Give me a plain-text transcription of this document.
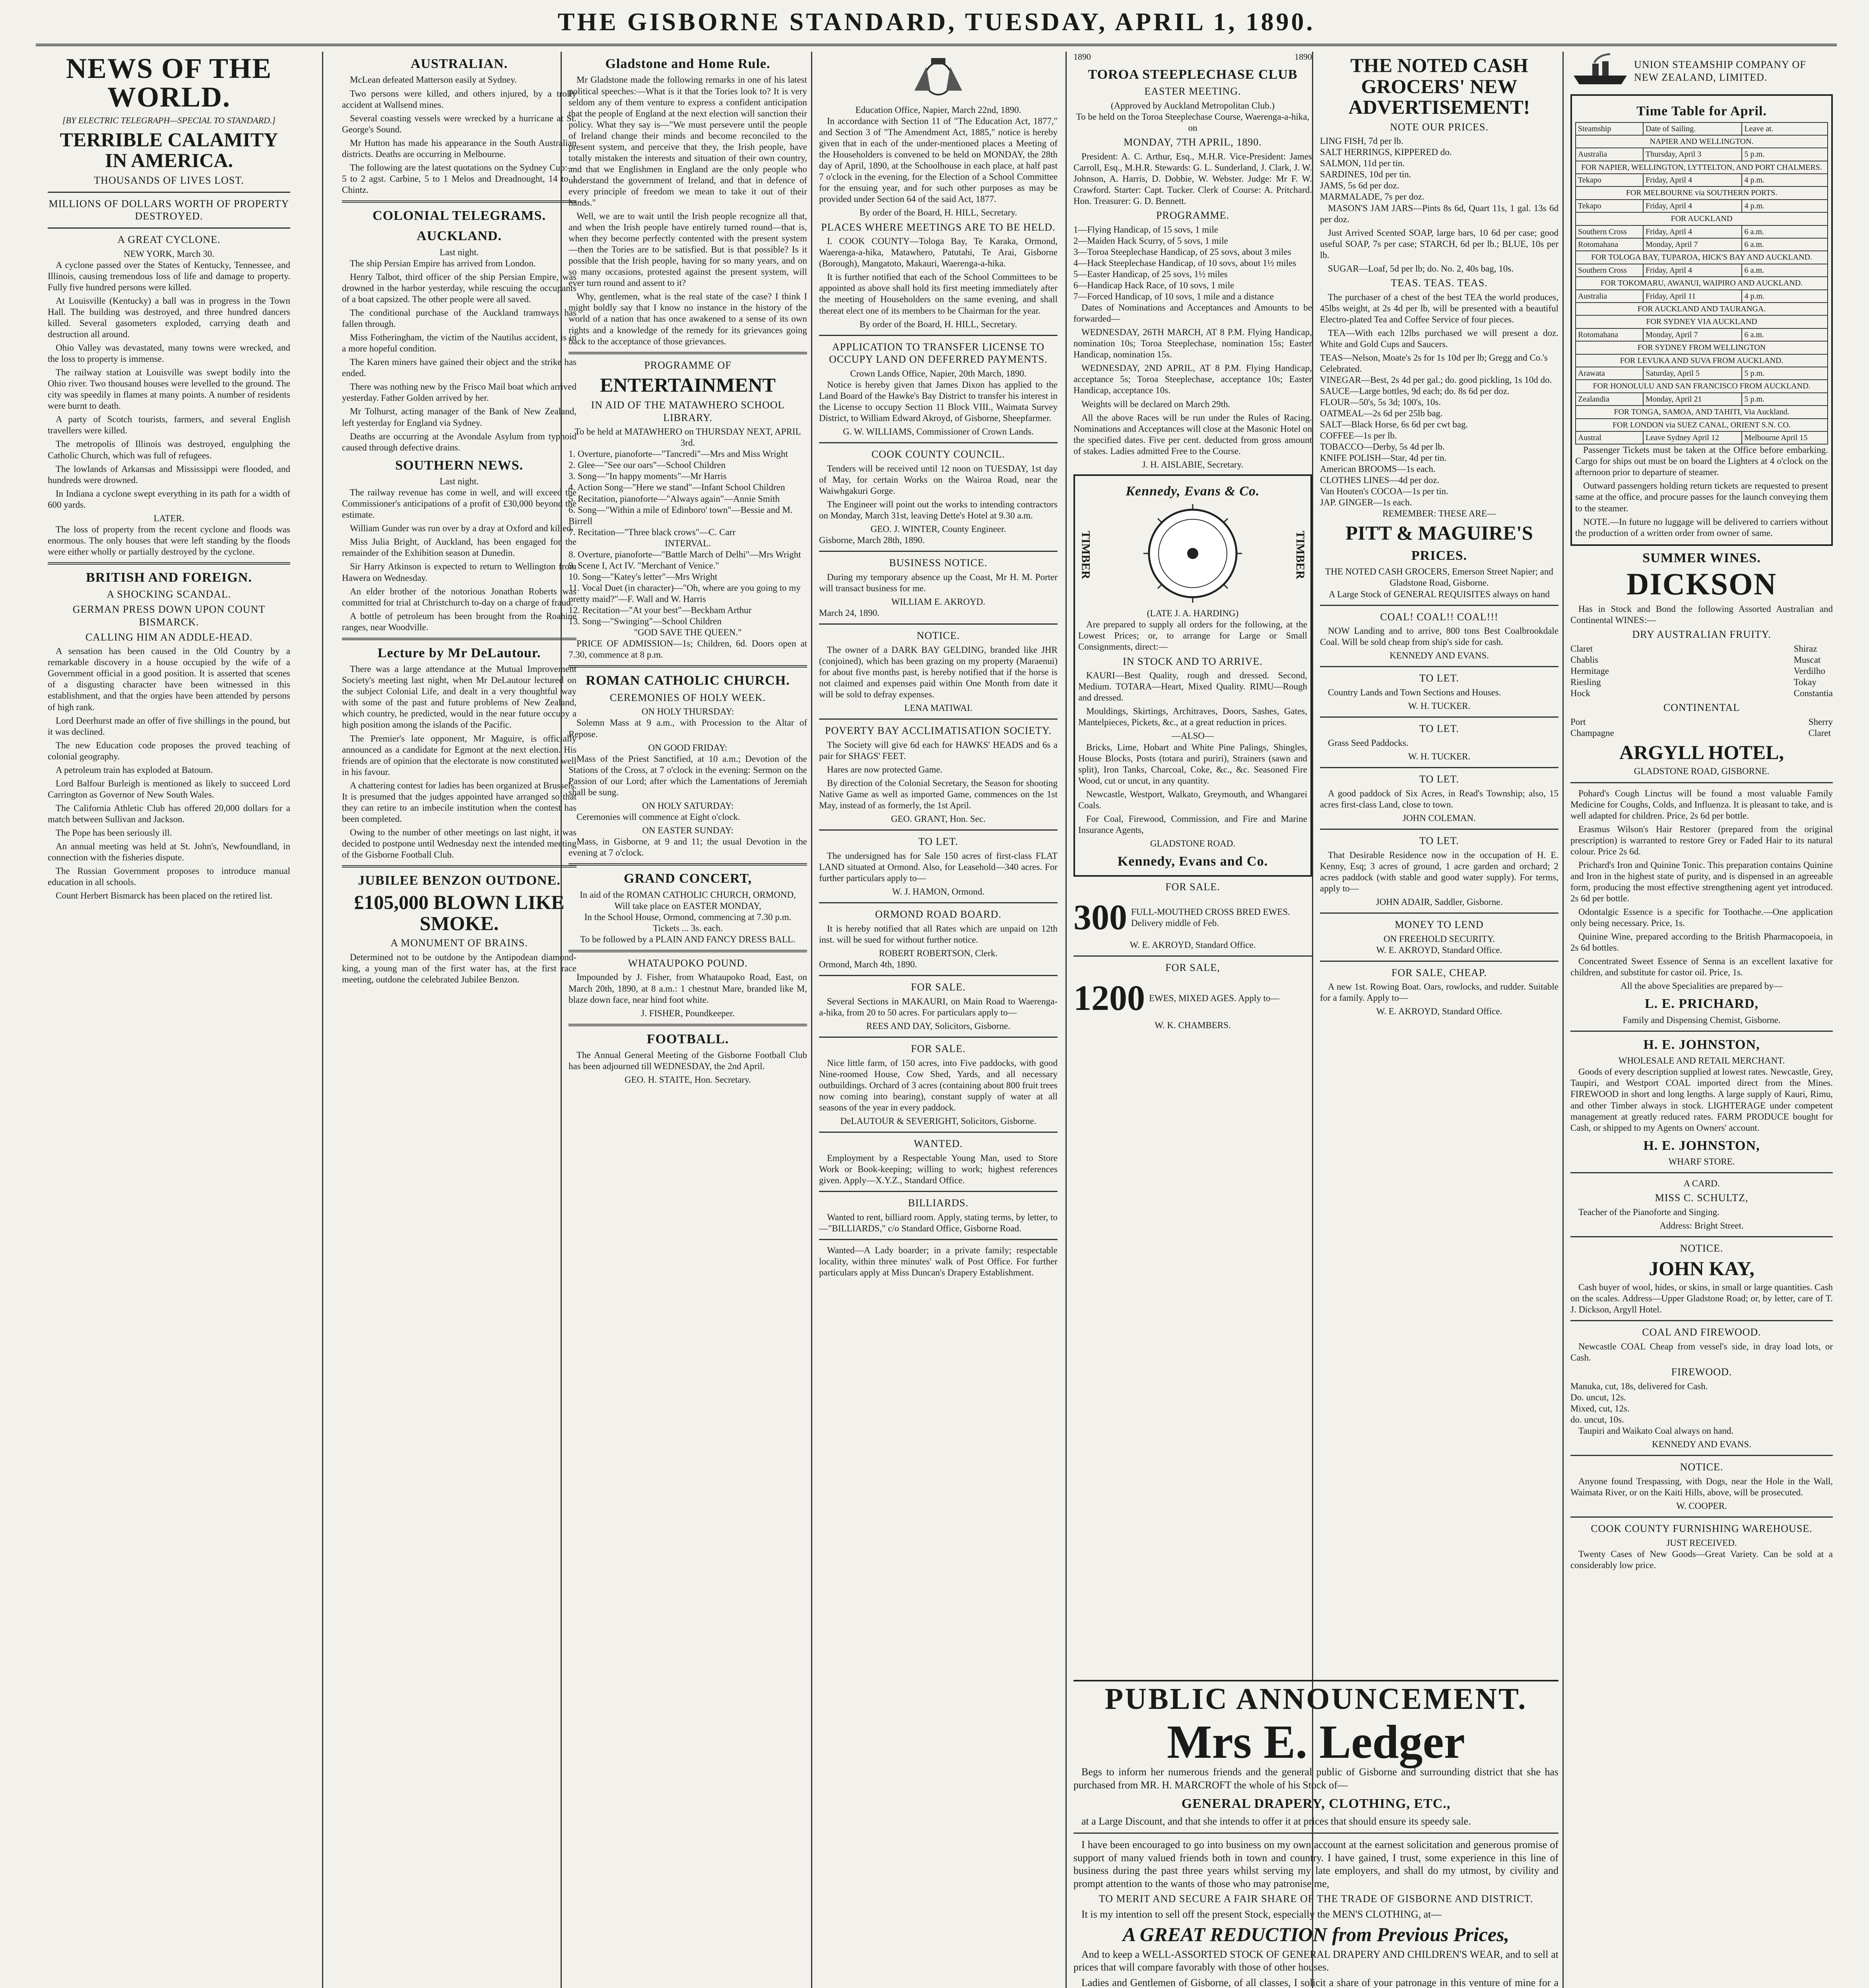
THE GISBORNE STANDARD, TUESDAY, APRIL 1, 1890.
NEWS OF THE WORLD.
[BY ELECTRIC TELEGRAPH—SPECIAL TO STANDARD.]
TERRIBLE CALAMITY IN AMERICA.
THOUSANDS OF LIVES LOST.
MILLIONS OF DOLLARS WORTH OF PROPERTY DESTROYED.
A GREAT CYCLONE.
NEW YORK, March 30.

A cyclone passed over the States of Kentucky, Tennessee, and Illinois, causing tremendous loss of life and damage to property. Fully five hundred persons were killed.

At Louisville (Kentucky) a ball was in progress in the Town Hall. The building was destroyed, and three hundred dancers killed. Several gasometers exploded, carrying death and destruction all around.

Ohio Valley was devastated, many towns were wrecked, and the loss to property is immense.

The railway station at Louisville was swept bodily into the Ohio river. Two thousand houses were levelled to the ground. The city was speedily in flames at many points. A number of residents were burnt to death.

A party of Scotch tourists, farmers, and several English travellers were killed.

The metropolis of Illinois was destroyed, engulphing the Catholic Church, which was full of refugees.

The lowlands of Arkansas and Mississippi were flooded, and hundreds were drowned.

In Indiana a cyclone swept everything in its path for a width of 600 yards.

LATER.

The loss of property from the recent cyclone and floods was enormous. The only houses that were left standing by the floods were either wholly or partially destroyed by the cyclone.

BRITISH AND FOREIGN.
A SHOCKING SCANDAL.
GERMAN PRESS DOWN UPON COUNT BISMARCK.
CALLING HIM AN ADDLE-HEAD.

A sensation has been caused in the Old Country by a remarkable discovery in a house occupied by the wife of a Government official in a good position. It is asserted that scenes of a disgusting character have been witnessed in this establishment, and that the orgies have been attended by persons of high rank.

Lord Deerhurst made an offer of five shillings in the pound, but it was declined.

The new Education code proposes the proved teaching of colonial geography.

A petroleum train has exploded at Batoum.

Lord Balfour Burleigh is mentioned as likely to succeed Lord Carrington as Governor of New South Wales.

The California Athletic Club has offered 20,000 dollars for a match between Sullivan and Jackson.

The Pope has been seriously ill.

An annual meeting was held at St. John's, Newfoundland, in connection with the fisheries dispute.

The Russian Government proposes to introduce manual education in all schools.

Count Herbert Bismarck has been placed on the retired list.

AUSTRALIAN.

McLean defeated Matterson easily at Sydney.

Two persons were killed, and others injured, by a trolly accident at Wallsend mines.

Several coasting vessels were wrecked by a hurricane at St. George's Sound.

Mr Hutton has made his appearance in the South Australian districts. Deaths are occurring in Melbourne.

The following are the latest quotations on the Sydney Cup:—5 to 2 agst. Carbine, 5 to 1 Melos and Dreadnought, 14 to 1 Chintz.

COLONIAL TELEGRAMS.
AUCKLAND.
Last night.

The ship Persian Empire has arrived from London.

Henry Talbot, third officer of the ship Persian Empire, was drowned in the harbor yesterday, while rescuing the occupants of a boat capsized. The other people were all saved.

The conditional purchase of the Auckland tramways has fallen through.

Miss Fotheringham, the victim of the Nautilus accident, is in a more hopeful condition.

The Karen miners have gained their object and the strike has ended.

There was nothing new by the Frisco Mail boat which arrived yesterday. Father Golden arrived by her.

Mr Tolhurst, acting manager of the Bank of New Zealand, left yesterday for England via Sydney.

Deaths are occurring at the Avondale Asylum from typhoid caused through defective drains.

SOUTHERN NEWS.
Last night.

The railway revenue has come in well, and will exceed the Commissioner's anticipations of a profit of £30,000 beyond the estimate.

William Gunder was run over by a dray at Oxford and killed.

Miss Julia Bright, of Auckland, has been engaged for the remainder of the Exhibition season at Dunedin.

Sir Harry Atkinson is expected to return to Wellington from Hawera on Wednesday.

An elder brother of the notorious Jonathan Roberts was committed for trial at Christchurch to-day on a charge of fraud.

A bottle of petroleum has been brought from the Roahine ranges, near Woodville.

Lecture by Mr DeLautour.

There was a large attendance at the Mutual Improvement Society's meeting last night, when Mr DeLautour lectured on the subject Colonial Life, and dealt in a very thoughtful way with some of the past and future problems of New Zealand, which country, he predicted, would in the near future occupy a high position among the islands of the Pacific.

The Premier's late opponent, Mr Maguire, is officially announced as a candidate for Egmont at the next election. His friends are of opinion that the electorate is now constituted well in his favour.

A chattering contest for ladies has been organized at Brussels. It is presumed that the judges appointed have arranged so that they can retire to an imbecile institution when the contest has been completed.

Owing to the number of other meetings on last night, it was decided to postpone until Wednesday next the intended meeting of the Gisborne Football Club.

JUBILEE BENZON OUTDONE.
£105,000 BLOWN LIKE SMOKE.
A MONUMENT OF BRAINS.

Determined not to be outdone by the Antipodean diamond-king, a young man of the first water has, at the first race meeting, outdone the celebrated Jubilee Benzon.

Gladstone and Home Rule.

Mr Gladstone made the following remarks in one of his latest political speeches:—What is it that the Tories look to? It is very seldom any of them venture to express a confident anticipation that the people of England at the next election will sanction their policy. What they say is—"We must persevere until the people of Ireland change their minds and become reconciled to the present system, and perceive that they, the Irish people, have totally mistaken the interests and situation of their own country, and that we Englishmen in England are the only people who understand the government of Ireland, and that in defence of every principle of freedom we mean to take it out of their hands."

Well, we are to wait until the Irish people recognize all that, and when the Irish people have entirely turned round—that is, when they become perfectly contented with the present system—then the Tories are to be satisfied. But is that possible? Is it possible that the Irish people, having for so many years, and on so many occasions, protested against the present system, will ever turn round and assent to it?

Why, gentlemen, what is the real state of the case? I think I might boldly say that I know no instance in the history of the world of a nation that has once awakened to a sense of its own rights and a knowledge of the remedy for its grievances going back to the acceptance of those grievances.

PROGRAMME OF
ENTERTAINMENT
IN AID OF THE MATAWHERO SCHOOL LIBRARY.
To be held at MATAWHERO on THURSDAY NEXT, APRIL 3rd.
1. Overture, pianoforte—"Tancredi"—Mrs and Miss Wright
2. Glee—"See our oars"—School Children
3. Song—"In happy moments"—Mr Harris
4. Action Song—"Here we stand"—Infant School Children
5. Recitation, pianoforte—"Always again"—Annie Smith
6. Song—"Within a mile of Edinboro' town"—Bessie and M. Birrell
7. Recitation—"Three black crows"—C. Carr
INTERVAL.
8. Overture, pianoforte—"Battle March of Delhi"—Mrs Wright
9. Scene I, Act IV. "Merchant of Venice."
10. Song—"Katey's letter"—Mrs Wright
11. Vocal Duet (in character)—"Oh, where are you going to my pretty maid?"—F. Wall and W. Harris
12. Recitation—"At your best"—Beckham Arthur
13. Song—"Swinging"—School Children
"GOD SAVE THE QUEEN."

PRICE OF ADMISSION—1s; Children, 6d. Doors open at 7.30, commence at 8 p.m.

ROMAN CATHOLIC CHURCH.
CEREMONIES OF HOLY WEEK.
ON HOLY THURSDAY:

Solemn Mass at 9 a.m., with Procession to the Altar of Repose.

ON GOOD FRIDAY:

Mass of the Priest Sanctified, at 10 a.m.; Devotion of the Stations of the Cross, at 7 o'clock in the evening: Sermon on the Passion of our Lord; after which the Lamentations of Jeremiah shall be sung.

ON HOLY SATURDAY:

Ceremonies will commence at Eight o'clock.

ON EASTER SUNDAY:

Mass, in Gisborne, at 9 and 11; the usual Devotion in the evening at 7 o'clock.

GRAND CONCERT,
In aid of the ROMAN CATHOLIC CHURCH, ORMOND,
Will take place on EASTER MONDAY,
In the School House, Ormond, commencing at 7.30 p.m.
Tickets ... 3s. each.
To be followed by a PLAIN AND FANCY DRESS BALL.
WHATAUPOKO POUND.

Impounded by J. Fisher, from Whataupoko Road, East, on March 20th, 1890, at 8 a.m.: 1 chestnut Mare, branded like M, blaze down face, near hind foot white.

J. FISHER, Poundkeeper.
FOOTBALL.

The Annual General Meeting of the Gisborne Football Club has been adjourned till WEDNESDAY, the 2nd April.

GEO. H. STAITE, Hon. Secretary.
Education Office, Napier, March 22nd, 1890.

In accordance with Section 11 of "The Education Act, 1877," and Section 3 of "The Amendment Act, 1885," notice is hereby given that in each of the under-mentioned places a Meeting of the Householders is convened to be held on MONDAY, the 28th day of April, 1890, at the Schoolhouse in each place, at half past 7 o'clock in the evening, for the Election of a School Committee for the ensuing year, and for such other purposes as may be provided under Section 64 of the said Act, 1877.

By order of the Board, H. HILL, Secretary.
PLACES WHERE MEETINGS ARE TO BE HELD.

I. COOK COUNTY—Tologa Bay, Te Karaka, Ormond, Waerenga-a-hika, Matawhero, Patutahi, Te Arai, Gisborne (Borough), Mangatoto, Makauri, Waerenga-a-hika.

It is further notified that each of the School Committees to be appointed as above shall hold its first meeting immediately after the meeting of Householders on the same evening, and shall thereat elect one of its members to be Chairman for the year.

By order of the Board, H. HILL, Secretary.
APPLICATION TO TRANSFER LICENSE TO OCCUPY LAND ON DEFERRED PAYMENTS.
Crown Lands Office, Napier, 20th March, 1890.

Notice is hereby given that James Dixon has applied to the Land Board of the Hawke's Bay District to transfer his interest in the License to occupy Section 11 Block VIII., Waimata Survey District, to William Edward Akroyd, of Gisborne, Sheepfarmer.

G. W. WILLIAMS, Commissioner of Crown Lands.
COOK COUNTY COUNCIL.

Tenders will be received until 12 noon on TUESDAY, 1st day of May, for certain Works on the Wairoa Road, near the Waiwhgakuri Gorge.

The Engineer will point out the works to intending contractors on Monday, March 31st, leaving Dette's Hotel at 9.30 a.m.

GEO. J. WINTER, County Engineer.
Gisborne, March 28th, 1890.
BUSINESS NOTICE.

During my temporary absence up the Coast, Mr H. M. Porter will transact business for me.

WILLIAM E. AKROYD.
March 24, 1890.
NOTICE.

The owner of a DARK BAY GELDING, branded like JHR (conjoined), which has been grazing on my property (Maraenui) for about five months past, is hereby notified that if the horse is not claimed and expenses paid within One Month from date it will be sold to defray expenses.

LENA MATIWAI.
POVERTY BAY ACCLIMATISATION SOCIETY.

The Society will give 6d each for HAWKS' HEADS and 6s a pair for SHAGS' FEET.

Hares are now protected Game.

By direction of the Colonial Secretary, the Season for shooting Native Game as well as imported Game, commences on the 1st May, instead of as formerly, the 1st April.

GEO. GRANT, Hon. Sec.
TO LET.

The undersigned has for Sale 150 acres of first-class FLAT LAND situated at Ormond. Also, for Leasehold—340 acres. For further particulars apply to—

W. J. HAMON, Ormond.
ORMOND ROAD BOARD.

It is hereby notified that all Rates which are unpaid on 12th inst. will be sued for without further notice.

ROBERT ROBERTSON, Clerk.
Ormond, March 4th, 1890.
FOR SALE.

Several Sections in MAKAURI, on Main Road to Waerenga-a-hika, from 20 to 50 acres. For particulars apply to—

REES AND DAY, Solicitors, Gisborne.
FOR SALE.

Nice little farm, of 150 acres, into Five paddocks, with good Nine-roomed House, Cow Shed, Yards, and all necessary outbuildings. Orchard of 3 acres (containing about 800 fruit trees now coming into bearing), constant supply of water at all seasons of the year in every paddock.

DeLAUTOUR & SEVERIGHT, Solicitors, Gisborne.
WANTED.

Employment by a Respectable Young Man, used to Store Work or Book-keeping; willing to work; highest references given. Apply—X.Y.Z., Standard Office.

BILLIARDS.

Wanted to rent, billiard room. Apply, stating terms, by letter, to—"BILLIARDS," c/o Standard Office, Gisborne Road.

Wanted—A Lady boarder; in a private family; respectable locality, within three minutes' walk of Post Office. For further particulars apply at Miss Duncan's Drapery Establishment.

1890	1890
TOROA STEEPLECHASE CLUB
EASTER MEETING.
(Approved by Auckland Metropolitan Club.)
To be held on the Toroa Steeplechase Course, Waerenga-a-hika, on
MONDAY, 7TH APRIL, 1890.

President: A. C. Arthur, Esq., M.H.R. Vice-President: James Carroll, Esq., M.H.R. Stewards: G. L. Sunderland, J. Clark, J. W. Johnson, A. Harris, D. Dobbie, W. Webster. Judge: Mr F. W. Crawford. Starter: Capt. Tucker. Clerk of Course: A. Pritchard. Hon. Treasurer: G. D. Bennett.

PROGRAMME.
1—Flying Handicap, of 15 sovs, 1 mile
2—Maiden Hack Scurry, of 5 sovs, 1 mile
3—Toroa Steeplechase Handicap, of 25 sovs, about 3 miles
4—Hack Steeplechase Handicap, of 10 sovs, about 1½ miles
5—Easter Handicap, of 25 sovs, 1½ miles
6—Handicap Hack Race, of 10 sovs, 1 mile
7—Forced Handicap, of 10 sovs, 1 mile and a distance

Dates of Nominations and Acceptances and Amounts to be forwarded—

WEDNESDAY, 26TH MARCH, AT 8 P.M. Flying Handicap, nomination 10s; Toroa Steeplechase, nomination 15s; Easter Handicap, nomination 15s.

WEDNESDAY, 2ND APRIL, AT 8 P.M. Flying Handicap, acceptance 5s; Toroa Steeplechase, acceptance 10s; Easter Handicap, acceptance 10s.

Weights will be declared on March 29th.

All the above Races will be run under the Rules of Racing. Nominations and Acceptances will close at the Masonic Hotel on the specified dates. Five per cent. deducted from gross amount of stakes. Ladies admitted Free to the Course.

J. H. AISLABIE, Secretary.
Kennedy, Evans & Co.
TIMBER	TIMBER
(LATE J. A. HARDING)

Are prepared to supply all orders for the following, at the Lowest Prices; or, to arrange for Large or Small Consignments, direct:—

IN STOCK AND TO ARRIVE.

KAURI—Best Quality, rough and dressed. Second, Medium. TOTARA—Heart, Mixed Quality. RIMU—Rough and dressed.

Mouldings, Skirtings, Architraves, Doors, Sashes, Gates, Mantelpieces, Pickets, &c., at a great reduction in prices.

—ALSO—

Bricks, Lime, Hobart and White Pine Palings, Shingles, House Blocks, Posts (totara and puriri), Strainers (sawn and split), Iron Tanks, Charcoal, Coke, &c., &c. Seasoned Fire Wood, cut or uncut, in any quantity.

Newcastle, Westport, Walkato, Greymouth, and Whangarei Coals.

For Coal, Firewood, Commission, and Fire and Marine Insurance Agents,

GLADSTONE ROAD.
Kennedy, Evans and Co.
FOR SALE.
300 FULL-MOUTHED CROSS BRED EWES. Delivery middle of Feb.
W. E. AKROYD, Standard Office.
FOR SALE,
1200 EWES, MIXED AGES. Apply to—
W. K. CHAMBERS.
THE NOTED CASH GROCERS' NEW ADVERTISEMENT!
NOTE OUR PRICES.
LING FISH, 7d per lb.
SALT HERRINGS, KIPPERED do.
SALMON, 11d per tin.
SARDINES, 10d per tin.
JAMS, 5s 6d per doz.
MARMALADE, 7s per doz.

MASON'S JAM JARS—Pints 8s 6d, Quart 11s, 1 gal. 13s 6d per doz.

Just Arrived Scented SOAP, large bars, 10 6d per case; good useful SOAP, 7s per case; STARCH, 6d per lb.; BLUE, 10s per lb.

SUGAR—Loaf, 5d per lb; do. No. 2, 40s bag, 10s.

TEAS. TEAS. TEAS.

The purchaser of a chest of the best TEA the world produces, 45lbs weight, at 2s 4d per lb, will be presented with a beautiful Electro-plated Tea and Coffee Service of four pieces.

TEA—With each 12lbs purchased we will present a doz. White and Gold Cups and Saucers.

TEAS—Nelson, Moate's 2s for 1s 10d per lb; Gregg and Co.'s Celebrated.
VINEGAR—Best, 2s 4d per gal.; do. good pickling, 1s 10d do.
SAUCE—Large bottles, 9d each; do. 8s 6d per doz.
FLOUR—50's, 5s 3d; 100's, 10s.
OATMEAL—2s 6d per 25lb bag.
SALT—Black Horse, 6s 6d per cwt bag.
COFFEE—1s per lb.
TOBACCO—Derby, 5s 4d per lb.
KNIFE POLISH—Star, 4d per tin.
American BROOMS—1s each.
CLOTHES LINES—4d per doz.
Van Houten's COCOA—1s per tin.
JAP. GINGER—1s each.
REMEMBER: THESE ARE—
PITT & MAGUIRE'S
PRICES.
THE NOTED CASH GROCERS, Emerson Street Napier; and Gladstone Road, Gisborne.
A Large Stock of GENERAL REQUISITES always on hand
COAL! COAL!! COAL!!!

NOW Landing and to arrive, 800 tons Best Coalbrookdale Coal. Will be sold cheap from ship's side for cash.

KENNEDY AND EVANS.
TO LET.

Country Lands and Town Sections and Houses.

W. H. TUCKER.
TO LET.

Grass Seed Paddocks.

W. H. TUCKER.
TO LET.

A good paddock of Six Acres, in Read's Township; also, 15 acres first-class Land, close to town.

JOHN COLEMAN.
TO LET.

That Desirable Residence now in the occupation of H. E. Kenny, Esq; 3 acres of ground, 1 acre garden and orchard; 2 acres paddock (with stable and good water supply). For terms, apply to—

JOHN ADAIR, Saddler, Gisborne.
MONEY TO LEND
ON FREEHOLD SECURITY.
W. E. AKROYD, Standard Office.
FOR SALE, CHEAP.

A new 1st. Rowing Boat. Oars, rowlocks, and rudder. Suitable for a family. Apply to—

W. E. AKROYD, Standard Office.
PUBLIC ANNOUNCEMENT.
Mrs E. Ledger

Begs to inform her numerous friends and the general public of Gisborne and surrounding district that she has purchased from MR. H. MARCROFT the whole of his Stock of—

GENERAL DRAPERY, CLOTHING, ETC.,

at a Large Discount, and that she intends to offer it at prices that should ensure its speedy sale.

I have been encouraged to go into business on my own account at the earnest solicitation and generous promise of support of many valued friends both in town and country. I have gained, I trust, some experience in this line of business during the past three years whilst serving my late employers, and shall do my utmost, by civility and prompt attention to the wants of those who may patronise me,

TO MERIT AND SECURE A FAIR SHARE OF THE TRADE OF GISBORNE AND DISTRICT.

It is my intention to sell off the present Stock, especially the MEN'S CLOTHING, at—

A GREAT REDUCTION from Previous Prices,

And to keep a WELL-ASSORTED STOCK OF GENERAL DRAPERY AND CHILDREN'S WEAR, and to sell at prices that will compare favorably with those of other houses.

Ladies and Gentlemen of Gisborne, of all classes, I solicit a share of your patronage in this venture of mine for a

UNION STEAMSHIP COMPANY OF NEW ZEALAND, LIMITED.
Time Table for April.
Steamship	Date of Sailing.	Leave at.
NAPIER AND WELLINGTON.		
Australia	Thursday, April 3	5 p.m.
FOR NAPIER, WELLINGTON, LYTTELTON, AND PORT CHALMERS.		
Tekapo	Friday, April 4	4 p.m.
FOR MELBOURNE via SOUTHERN PORTS.		
Tekapo	Friday, April 4	4 p.m.
FOR AUCKLAND		
Southern Cross	Friday, April 4	6 a.m.
Rotomahana	Monday, April 7	6 a.m.
FOR TOLOGA BAY, TUPAROA, HICK'S BAY AND AUCKLAND.		
Southern Cross	Friday, April 4	6 a.m.
FOR TOKOMARU, AWANUI, WAIPIRO AND AUCKLAND.		
Australia	Friday, April 11	4 p.m.
FOR AUCKLAND AND TAURANGA.		
FOR SYDNEY VIA AUCKLAND		
Rotomahana	Monday, April 7	6 a.m.
FOR SYDNEY FROM WELLINGTON		
FOR LEVUKA AND SUVA FROM AUCKLAND.		
Arawata	Saturday, April 5	5 p.m.
FOR HONOLULU AND SAN FRANCISCO FROM AUCKLAND.		
Zealandia	Monday, April 21	5 p.m.
FOR TONGA, SAMOA, AND TAHITI, Via Auckland.		
FOR LONDON via SUEZ CANAL, ORIENT S.N. CO.		
Austral	Leave Sydney April 12	Melbourne April 15

Passenger Tickets must be taken at the Office before embarking. Cargo for ships out must be on board the Lighters at 4 o'clock on the afternoon prior to departure of steamer.

Outward passengers holding return tickets are requested to present same at the office, and procure passes for the launch conveying them to the steamer.

NOTE.—In future no luggage will be delivered to carriers without the production of a written order from owner of same.

SUMMER WINES.
DICKSON

Has in Stock and Bond the following Assorted Australian and Continental WINES:—

DRY AUSTRALIAN FRUITY.
Claret
Chablis
Hermitage
Riesling
Hock
Shiraz
Muscat
Verdilho
Tokay
Constantia
CONTINENTAL
Port
Champagne
Sherry
Claret
ARGYLL HOTEL,
GLADSTONE ROAD, GISBORNE.

Pohard's Cough Linctus will be found a most valuable Family Medicine for Coughs, Colds, and Influenza. It is pleasant to take, and is well adapted for children. Price, 2s 6d per bottle.

Erasmus Wilson's Hair Restorer (prepared from the original prescription) is warranted to restore Grey or Faded Hair to its natural colour. Price 2s 6d.

Prichard's Iron and Quinine Tonic. This preparation contains Quinine and Iron in the highest state of purity, and is dispensed in an agreeable form, producing the most effective strengthening agent yet introduced. 2s 6d per bottle.

Odontalgic Essence is a specific for Toothache.—One application only being necessary. Price, 1s.

Quinine Wine, prepared according to the British Pharmacopoeia, in 2s 6d bottles.

Concentrated Sweet Essence of Senna is an excellent laxative for children, and substitute for castor oil. Price, 1s.

All the above Specialities are prepared by—
L. E. PRICHARD,
Family and Dispensing Chemist, Gisborne.
H. E. JOHNSTON,
WHOLESALE AND RETAIL MERCHANT.

Goods of every description supplied at lowest rates. Newcastle, Grey, Taupiri, and Westport COAL imported direct from the Mines. FIREWOOD in short and long lengths. A large supply of Kauri, Rimu, and other Timber always in stock. LIGHTERAGE under competent management at greatly reduced rates. FARM PRODUCE bought for Cash, or shipped to my Agents on Owners' account.

H. E. JOHNSTON,
WHARF STORE.
A CARD.
MISS C. SCHULTZ,

Teacher of the Pianoforte and Singing.

Address: Bright Street.
NOTICE.
JOHN KAY,

Cash buyer of wool, hides, or skins, in small or large quantities. Cash on the scales. Address—Upper Gladstone Road; or, by letter, care of T. J. Dickson, Argyll Hotel.

COAL AND FIREWOOD.

Newcastle COAL Cheap from vessel's side, in dray load lots, or Cash.

FIREWOOD.
Manuka, cut, 18s, delivered for Cash.
Do. uncut, 12s.
Mixed, cut, 12s.
do. uncut, 10s.

Taupiri and Waikato Coal always on hand.

KENNEDY AND EVANS.
NOTICE.

Anyone found Trespassing, with Dogs, near the Hole in the Wall, Waimata River, or on the Kaiti Hills, above, will be prosecuted.

W. COOPER.
COOK COUNTY FURNISHING WAREHOUSE.
JUST RECEIVED.

Twenty Cases of New Goods—Great Variety. Can be sold at a considerably low price.
